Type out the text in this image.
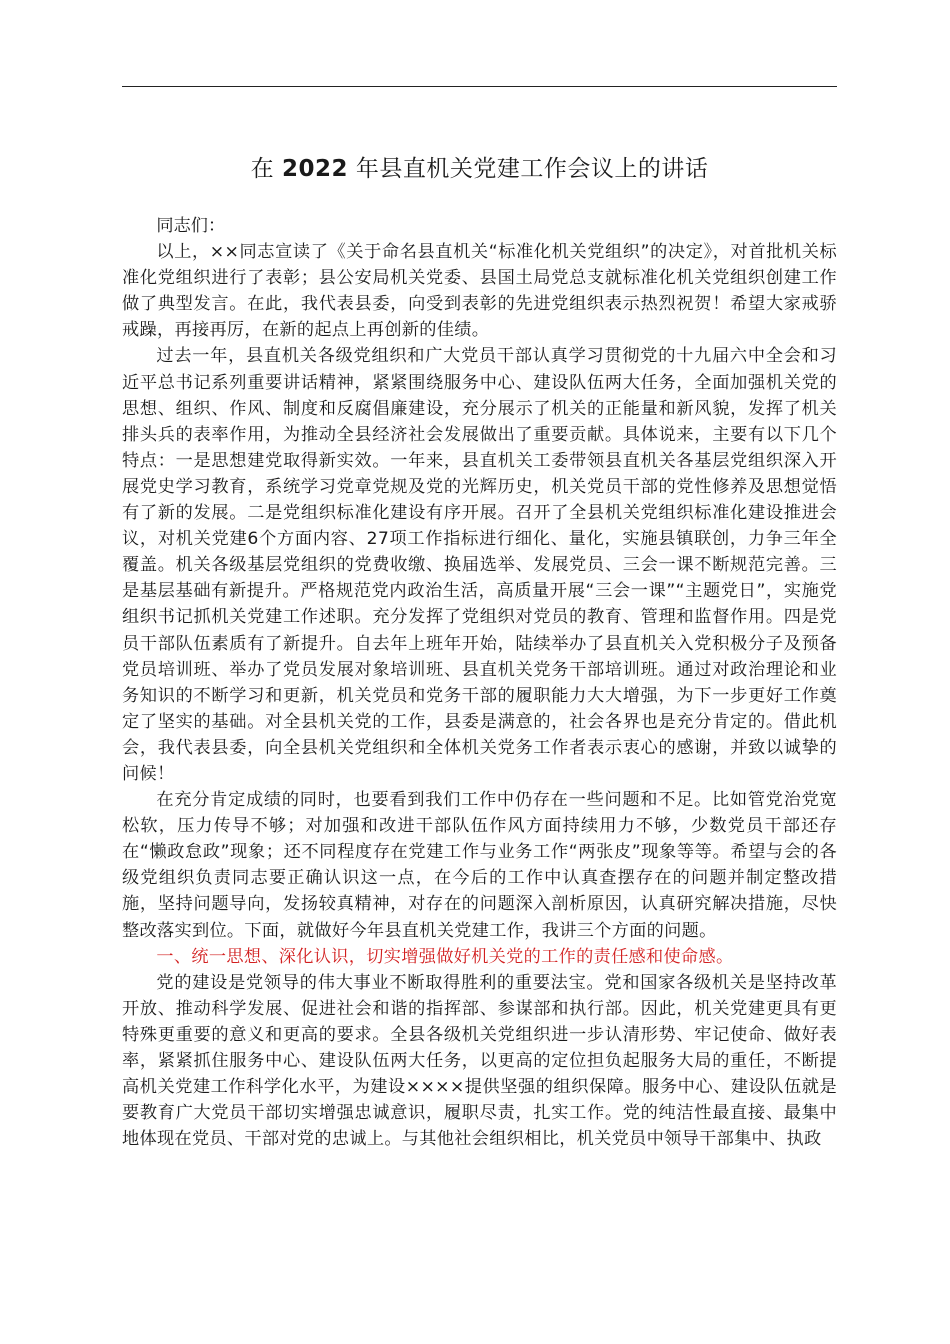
在 2022 年县直机关党建工作会议上的讲话

同志们：

以上，××同志宣读了《关于命名县直机关“标准化机关党组织”的决定》，对首批机关标准化党组织进行了表彰；县公安局机关党委、县国土局党总支就标准化机关党组织创建工作做了典型发言。在此，我代表县委，向受到表彰的先进党组织表示热烈祝贺！希望大家戒骄戒躁，再接再厉，在新的起点上再创新的佳绩。

过去一年，县直机关各级党组织和广大党员干部认真学习贯彻党的十九届六中全会和习近平总书记系列重要讲话精神，紧紧围绕服务中心、建设队伍两大任务，全面加强机关党的思想、组织、作风、制度和反腐倡廉建设，充分展示了机关的正能量和新风貌，发挥了机关排头兵的表率作用，为推动全县经济社会发展做出了重要贡献。具体说来，主要有以下几个特点：一是思想建党取得新实效。一年来，县直机关工委带领县直机关各基层党组织深入开展党史学习教育，系统学习党章党规及党的光辉历史，机关党员干部的党性修养及思想觉悟有了新的发展。二是党组织标准化建设有序开展。召开了全县机关党组织标准化建设推进会议，对机关党建6个方面内容、27项工作指标进行细化、量化，实施县镇联创，力争三年全覆盖。机关各级基层党组织的党费收缴、换届选举、发展党员、三会一课不断规范完善。三是基层基础有新提升。严格规范党内政治生活，高质量开展“三会一课”“主题党日”，实施党组织书记抓机关党建工作述职。充分发挥了党组织对党员的教育、管理和监督作用。四是党员干部队伍素质有了新提升。自去年上班年开始，陆续举办了县直机关入党积极分子及预备党员培训班、举办了党员发展对象培训班、县直机关党务干部培训班。通过对政治理论和业务知识的不断学习和更新，机关党员和党务干部的履职能力大大增强，为下一步更好工作奠定了坚实的基础。对全县机关党的工作，县委是满意的，社会各界也是充分肯定的。借此机会，我代表县委，向全县机关党组织和全体机关党务工作者表示衷心的感谢，并致以诚挚的问候！

在充分肯定成绩的同时，也要看到我们工作中仍存在一些问题和不足。比如管党治党宽松软，压力传导不够；对加强和改进干部队伍作风方面持续用力不够，少数党员干部还存在“懒政怠政”现象；还不同程度存在党建工作与业务工作“两张皮”现象等等。希望与会的各级党组织负责同志要正确认识这一点，在今后的工作中认真查摆存在的问题并制定整改措施，坚持问题导向，发扬较真精神，对存在的问题深入剖析原因，认真研究解决措施，尽快整改落实到位。下面，就做好今年县直机关党建工作，我讲三个方面的问题。

一、统一思想、深化认识，切实增强做好机关党的工作的责任感和使命感。

党的建设是党领导的伟大事业不断取得胜利的重要法宝。党和国家各级机关是坚持改革开放、推动科学发展、促进社会和谐的指挥部、参谋部和执行部。因此，机关党建更具有更特殊更重要的意义和更高的要求。全县各级机关党组织进一步认清形势、牢记使命、做好表率，紧紧抓住服务中心、建设队伍两大任务，以更高的定位担负起服务大局的重任，不断提高机关党建工作科学化水平，为建设××××提供坚强的组织保障。服务中心、建设队伍就是要教育广大党员干部切实增强忠诚意识，履职尽责，扎实工作。党的纯洁性最直接、最集中地体现在党员、干部对党的忠诚上。与其他社会组织相比，机关党员中领导干部集中、执政
